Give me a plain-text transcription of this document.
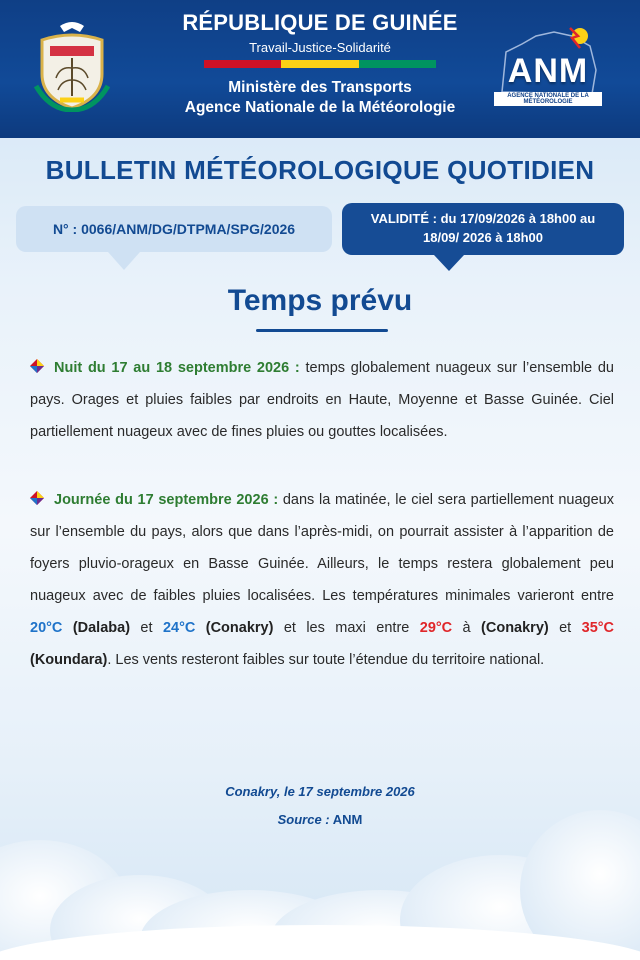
RÉPUBLIQUE DE GUINÉE
Travail-Justice-Solidarité
Ministère des Transports
Agence Nationale de la Météorologie
ANM
AGENCE NATIONALE DE LA MÉTÉOROLOGIE
BULLETIN MÉTÉOROLOGIQUE QUOTIDIEN
N° : 0066/ANM/DG/DTPMA/SPG/2026
VALIDITÉ : du 17/09/2026 à 18h00 au
18/09/ 2026 à 18h00
Temps prévu
Nuit du 17 au 18 septembre 2026 : temps globalement nuageux sur l’ensemble du pays. Orages et pluies faibles par endroits en Haute, Moyenne et Basse Guinée. Ciel partiellement nuageux avec de fines pluies ou gouttes localisées.
Journée du 17 septembre 2026 : dans la matinée, le ciel sera partiellement nuageux sur l’ensemble du pays, alors que dans l’après-midi, on pourrait assister à l’apparition de foyers pluvio-orageux en Basse Guinée. Ailleurs, le temps restera globalement peu nuageux avec de faibles pluies localisées. Les températures minimales varieront entre 20°C (Dalaba) et 24°C (Conakry) et les maxi entre 29°C à (Conakry) et 35°C (Koundara). Les vents resteront faibles sur toute l’étendue du territoire national.
Conakry, le 17 septembre 2026
Source : ANM
